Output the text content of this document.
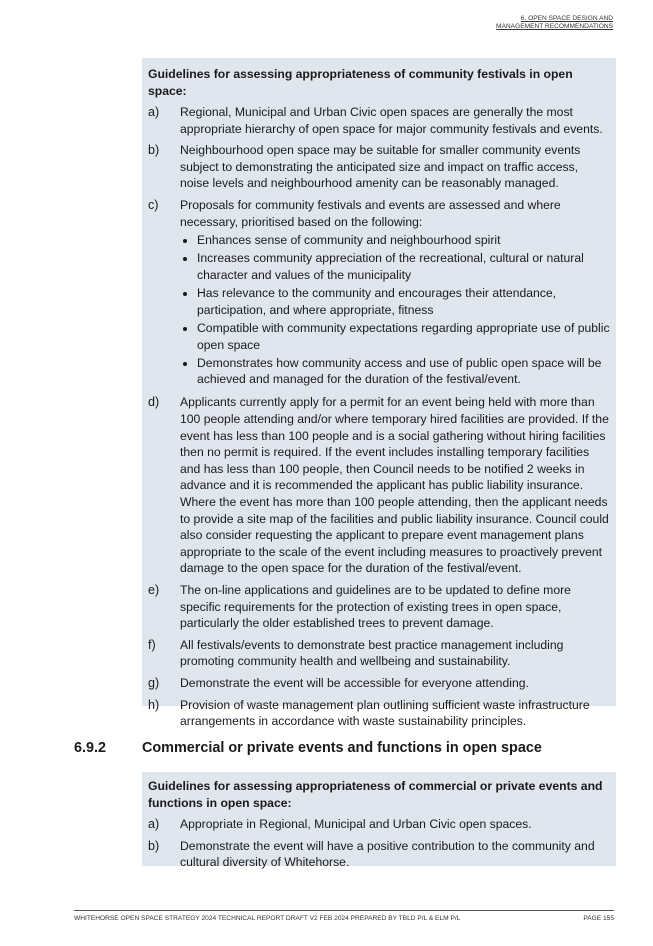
6. OPEN SPACE DESIGN AND
MANAGEMENT RECOMMENDATIONS
Guidelines for assessing appropriateness of community festivals in open space:
a)	Regional, Municipal and Urban Civic open spaces are generally the most appropriate hierarchy of open space for major community festivals and events.
b)	Neighbourhood open space may be suitable for smaller community events subject to demonstrating the anticipated size and impact on traffic access, noise levels and neighbourhood amenity can be reasonably managed.
c)	Proposals for community festivals and events are assessed and where necessary, prioritised based on the following:
Enhances sense of community and neighbourhood spirit
Increases community appreciation of the recreational, cultural or natural character and values of the municipality
Has relevance to the community and encourages their attendance, participation, and where appropriate, fitness
Compatible with community expectations regarding appropriate use of public open space
Demonstrates how community access and use of public open space will be achieved and managed for the duration of the festival/event.
d)	Applicants currently apply for a permit for an event being held with more than 100 people attending and/or where temporary hired facilities are provided. If the event has less than 100 people and is a social gathering without hiring facilities then no permit is required. If the event includes installing temporary facilities and has less than 100 people, then Council needs to be notified 2 weeks in advance and it is recommended the applicant has public liability insurance. Where the event has more than 100 people attending, then the applicant needs to provide a site map of the facilities and public liability insurance. Council could also consider requesting the applicant to prepare event management plans appropriate to the scale of the event including measures to proactively prevent damage to the open space for the duration of the festival/event.
e)	The on-line applications and guidelines are to be updated to define more specific requirements for the protection of existing trees in open space, particularly the older established trees to prevent damage.
f)	All festivals/events to demonstrate best practice management including promoting community health and wellbeing and sustainability.
g)	Demonstrate the event will be accessible for everyone attending.
h)	Provision of waste management plan outlining sufficient waste infrastructure arrangements in accordance with waste sustainability principles.
6.9.2	Commercial or private events and functions in open space
Guidelines for assessing appropriateness of commercial or private events and functions in open space:
a)	Appropriate in Regional, Municipal and Urban Civic open spaces.
b)	Demonstrate the event will have a positive contribution to the community and cultural diversity of Whitehorse.
WHITEHORSE OPEN SPACE STRATEGY 2024 TECHNICAL REPORT DRAFT V2 FEB 2024 PREPARED BY TBLD P/L & ELM P/L	PAGE 155
